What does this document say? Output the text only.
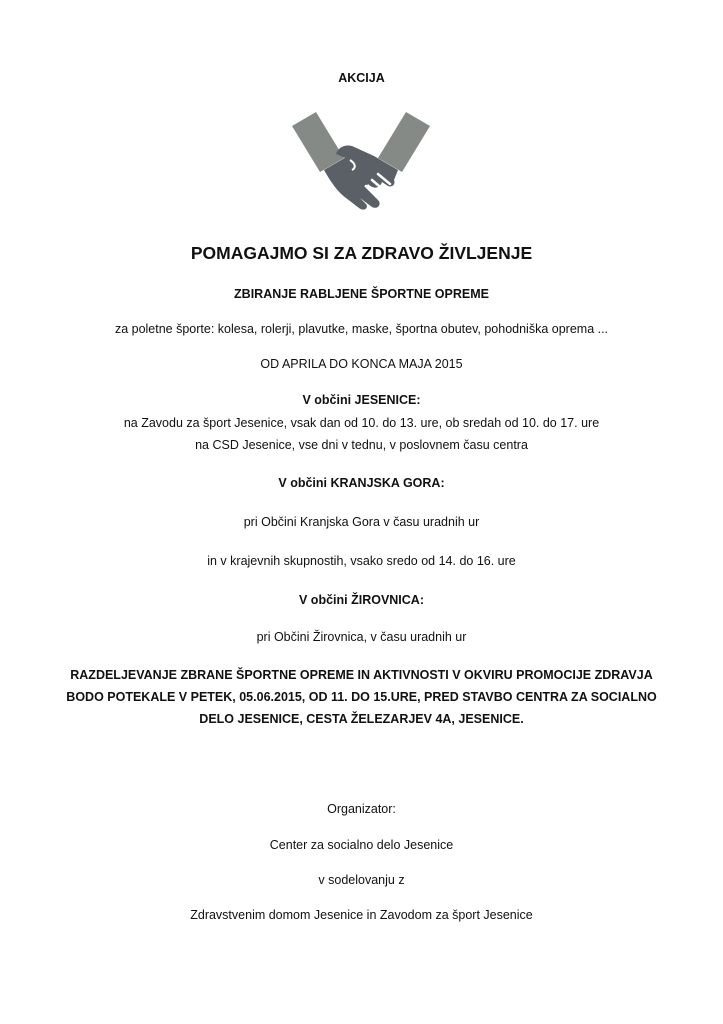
AKCIJA
POMAGAJMO SI ZA ZDRAVO ŽIVLJENJE
ZBIRANJE RABLJENE ŠPORTNE OPREME
za poletne športe: kolesa, rolerji, plavutke, maske, športna obutev, pohodniška oprema ...
OD APRILA DO KONCA MAJA 2015
V občini JESENICE:
na Zavodu za šport Jesenice, vsak dan od 10. do 13. ure, ob sredah od 10. do 17. ure
na CSD Jesenice, vse dni v tednu, v poslovnem času centra
V občini KRANJSKA GORA:
pri Občini Kranjska Gora v času uradnih ur
in v krajevnih skupnostih, vsako sredo od 14. do 16. ure
V občini ŽIROVNICA:
pri Občini Žirovnica, v času uradnih ur
RAZDELJEVANJE ZBRANE ŠPORTNE OPREME IN AKTIVNOSTI V OKVIRU PROMOCIJE ZDRAVJA
BODO POTEKALE V PETEK, 05.06.2015, OD 11. DO 15.URE, PRED STAVBO CENTRA ZA SOCIALNO
DELO JESENICE, CESTA ŽELEZARJEV 4A, JESENICE.
Organizator:
Center za socialno delo Jesenice
v sodelovanju z
Zdravstvenim domom Jesenice in Zavodom za šport Jesenice
